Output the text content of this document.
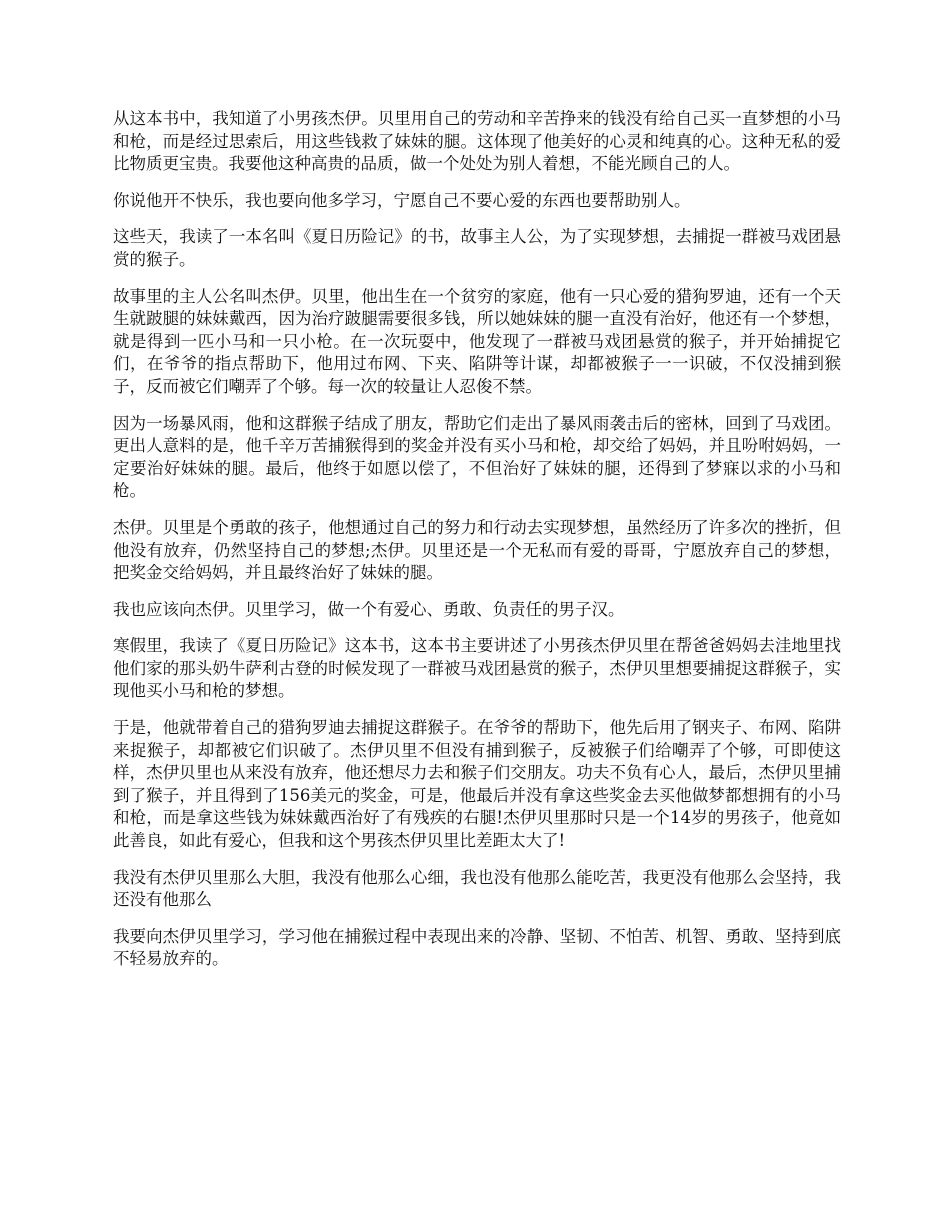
从这本书中，我知道了小男孩杰伊。贝里用自己的劳动和辛苦挣来的钱没有给自己买一直梦想的小马和枪，而是经过思索后，用这些钱救了妹妹的腿。这体现了他美好的心灵和纯真的心。这种无私的爱比物质更宝贵。我要他这种高贵的品质，做一个处处为别人着想，不能光顾自己的人。

你说他开不快乐，我也要向他多学习，宁愿自己不要心爱的东西也要帮助别人。

这些天，我读了一本名叫《夏日历险记》的书，故事主人公，为了实现梦想，去捕捉一群被马戏团悬赏的猴子。

故事里的主人公名叫杰伊。贝里，他出生在一个贫穷的家庭，他有一只心爱的猎狗罗迪，还有一个天生就跛腿的妹妹戴西，因为治疗跛腿需要很多钱，所以她妹妹的腿一直没有治好，他还有一个梦想，就是得到一匹小马和一只小枪。在一次玩耍中，他发现了一群被马戏团悬赏的猴子，并开始捕捉它们，在爷爷的指点帮助下，他用过布网、下夹、陷阱等计谋，却都被猴子一一识破，不仅没捕到猴子，反而被它们嘲弄了个够。每一次的较量让人忍俊不禁。

因为一场暴风雨，他和这群猴子结成了朋友，帮助它们走出了暴风雨袭击后的密林，回到了马戏团。更出人意料的是，他千辛万苦捕猴得到的奖金并没有买小马和枪，却交给了妈妈，并且吩咐妈妈，一定要治好妹妹的腿。最后，他终于如愿以偿了，不但治好了妹妹的腿，还得到了梦寐以求的小马和枪。

杰伊。贝里是个勇敢的孩子，他想通过自己的努力和行动去实现梦想，虽然经历了许多次的挫折，但他没有放弃，仍然坚持自己的梦想;杰伊。贝里还是一个无私而有爱的哥哥，宁愿放弃自己的梦想，把奖金交给妈妈，并且最终治好了妹妹的腿。

我也应该向杰伊。贝里学习，做一个有爱心、勇敢、负责任的男子汉。

寒假里，我读了《夏日历险记》这本书，这本书主要讲述了小男孩杰伊贝里在帮爸爸妈妈去洼地里找他们家的那头奶牛萨利古登的时候发现了一群被马戏团悬赏的猴子，杰伊贝里想要捕捉这群猴子，实现他买小马和枪的梦想。

于是，他就带着自己的猎狗罗迪去捕捉这群猴子。在爷爷的帮助下，他先后用了钢夹子、布网、陷阱来捉猴子，却都被它们识破了。杰伊贝里不但没有捕到猴子，反被猴子们给嘲弄了个够，可即使这样，杰伊贝里也从来没有放弃，他还想尽力去和猴子们交朋友。功夫不负有心人，最后，杰伊贝里捕到了猴子，并且得到了156美元的奖金，可是，他最后并没有拿这些奖金去买他做梦都想拥有的小马和枪，而是拿这些钱为妹妹戴西治好了有残疾的右腿!杰伊贝里那时只是一个14岁的男孩子，他竟如此善良，如此有爱心，但我和这个男孩杰伊贝里比差距太大了!

我没有杰伊贝里那么大胆，我没有他那么心细，我也没有他那么能吃苦，我更没有他那么会坚持，我还没有他那么

我要向杰伊贝里学习，学习他在捕猴过程中表现出来的冷静、坚韧、不怕苦、机智、勇敢、坚持到底不轻易放弃的。
